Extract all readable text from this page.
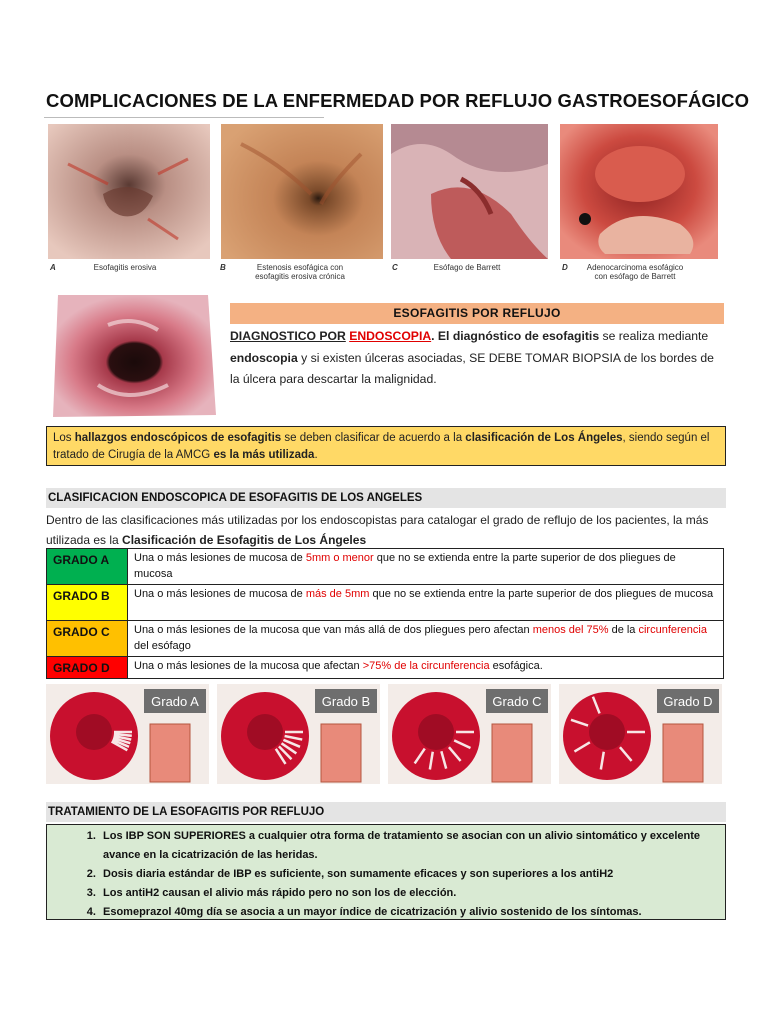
COMPLICACIONES DE LA ENFERMEDAD POR REFLUJO GASTROESOFÁGICO
A	Esofagitis erosiva	B	Estenosis esofágica con esofagitis erosiva crónica
C	Esófago de Barrett	D	Adenocarcinoma esofágico con esófago de Barrett
ESOFAGITIS POR REFLUJO
DIAGNOSTICO POR ENDOSCOPIA. El diagnóstico de esofagitis se realiza mediante endoscopia y si existen úlceras asociadas, SE DEBE TOMAR BIOPSIA de los bordes de la úlcera para descartar la malignidad.
Los hallazgos endoscópicos de esofagitis se deben clasificar de acuerdo a la clasificación de Los Ángeles, siendo según el tratado de Cirugía de la AMCG es la más utilizada.
CLASIFICACION ENDOSCOPICA DE ESOFAGITIS DE LOS ANGELES
Dentro de las clasificaciones más utilizadas por los endoscopistas para catalogar el grado de reflujo de los pacientes, la más utilizada es la Clasificación de Esofagitis de Los Ángeles
GRADO A	Una o más lesiones de mucosa de 5mm o menor que no se extienda entre la parte superior de dos pliegues de mucosa
GRADO B	Una o más lesiones de mucosa de más de 5mm que no se extienda entre la parte superior de dos pliegues de mucosa
GRADO C	Una o más lesiones de la mucosa que van más allá de dos pliegues pero afectan menos del 75% de la circunferencia del esófago
GRADO D	Una o más lesiones de la mucosa que afectan >75% de la circunferencia esofágica.
Grado A	Grado B	Grado C	Grado D
TRATAMIENTO DE LA ESOFAGITIS POR REFLUJO
1. Los IBP SON SUPERIORES a cualquier otra forma de tratamiento se asocian con un alivio sintomático y excelente avance en la cicatrización de las heridas.
2. Dosis diaria estándar de IBP es suficiente, son sumamente eficaces y son superiores a los antiH2
3. Los antiH2 causan el alivio más rápido pero no son los de elección.
4. Esomeprazol 40mg día se asocia a un mayor índice de cicatrización y alivio sostenido de los síntomas.
